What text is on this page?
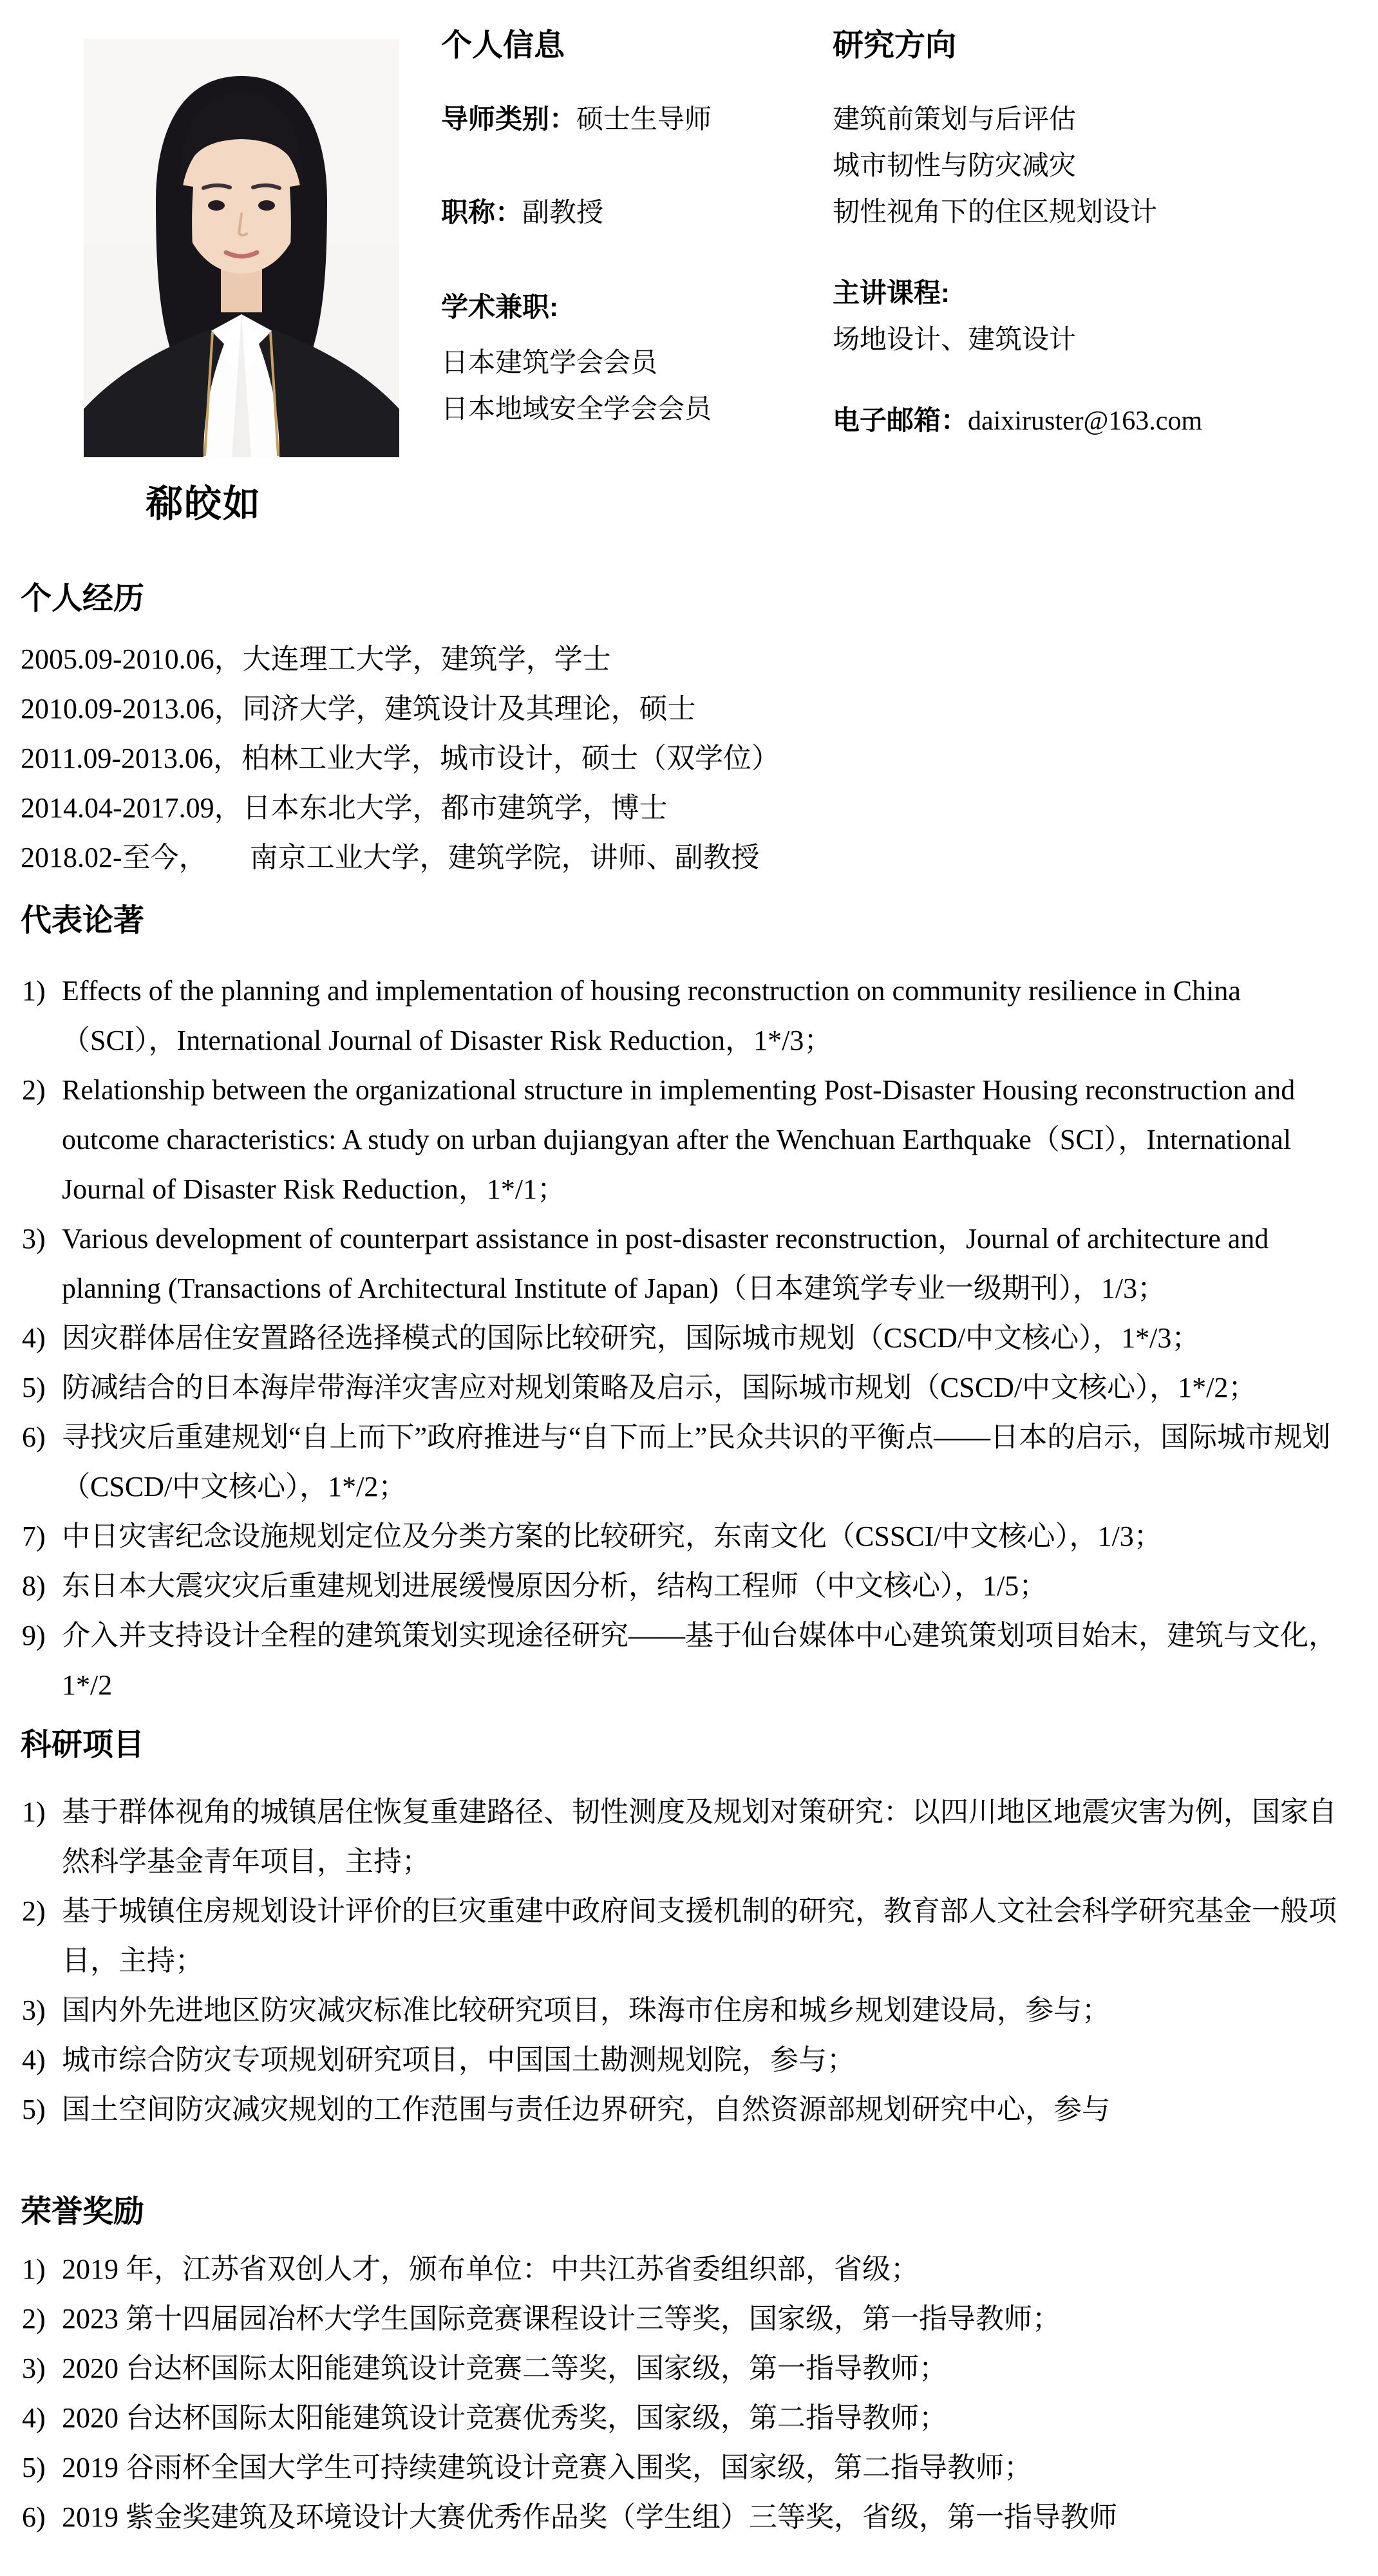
郗皎如
个人信息
导师类别：硕士生导师
职称：副教授
学术兼职:
日本建筑学会会员
日本地域安全学会会员
研究方向
建筑前策划与后评估
城市韧性与防灾减灾
韧性视角下的住区规划设计
主讲课程:
场地设计、建筑设计
电子邮箱：daixiruster@163.com
个人经历
2005.09-2010.06，大连理工大学，建筑学，学士
2010.09-2013.06，同济大学，建筑设计及其理论，硕士
2011.09-2013.06，柏林工业大学，城市设计，硕士（双学位）
2014.04-2017.09，日本东北大学，都市建筑学，博士
2018.02-至今，　　南京工业大学，建筑学院，讲师、副教授
代表论著
Effects of the planning and implementation of housing reconstruction on community resilience in China（SCI），International Journal of Disaster Risk Reduction，1*/3；
Relationship between the organizational structure in implementing Post-Disaster Housing reconstruction and outcome characteristics: A study on urban dujiangyan after the Wenchuan Earthquake（SCI），International Journal of Disaster Risk Reduction，1*/1；
Various development of counterpart assistance in post-disaster reconstruction，Journal of architecture and planning (Transactions of Architectural Institute of Japan)（日本建筑学专业一级期刊），1/3；
因灾群体居住安置路径选择模式的国际比较研究，国际城市规划（CSCD/中文核心），1*/3；
防减结合的日本海岸带海洋灾害应对规划策略及启示，国际城市规划（CSCD/中文核心），1*/2；
寻找灾后重建规划“自上而下”政府推进与“自下而上”民众共识的平衡点——日本的启示，国际城市规划（CSCD/中文核心），1*/2；
中日灾害纪念设施规划定位及分类方案的比较研究，东南文化（CSSCI/中文核心），1/3；
东日本大震灾灾后重建规划进展缓慢原因分析，结构工程师（中文核心），1/5；
介入并支持设计全程的建筑策划实现途径研究——基于仙台媒体中心建筑策划项目始末，建筑与文化，1*/2
科研项目
基于群体视角的城镇居住恢复重建路径、韧性测度及规划对策研究：以四川地区地震灾害为例，国家自然科学基金青年项目，主持；
基于城镇住房规划设计评价的巨灾重建中政府间支援机制的研究，教育部人文社会科学研究基金一般项目，主持；
国内外先进地区防灾减灾标准比较研究项目，珠海市住房和城乡规划建设局，参与；
城市综合防灾专项规划研究项目，中国国土勘测规划院，参与；
国土空间防灾减灾规划的工作范围与责任边界研究，自然资源部规划研究中心，参与
荣誉奖励
2019 年，江苏省双创人才，颁布单位：中共江苏省委组织部，省级；
2023 第十四届园冶杯大学生国际竞赛课程设计三等奖，国家级，第一指导教师；
2020 台达杯国际太阳能建筑设计竞赛二等奖，国家级，第一指导教师；
2020 台达杯国际太阳能建筑设计竞赛优秀奖，国家级，第二指导教师；
2019 谷雨杯全国大学生可持续建筑设计竞赛入围奖，国家级，第二指导教师；
2019 紫金奖建筑及环境设计大赛优秀作品奖（学生组）三等奖，省级，第一指导教师
